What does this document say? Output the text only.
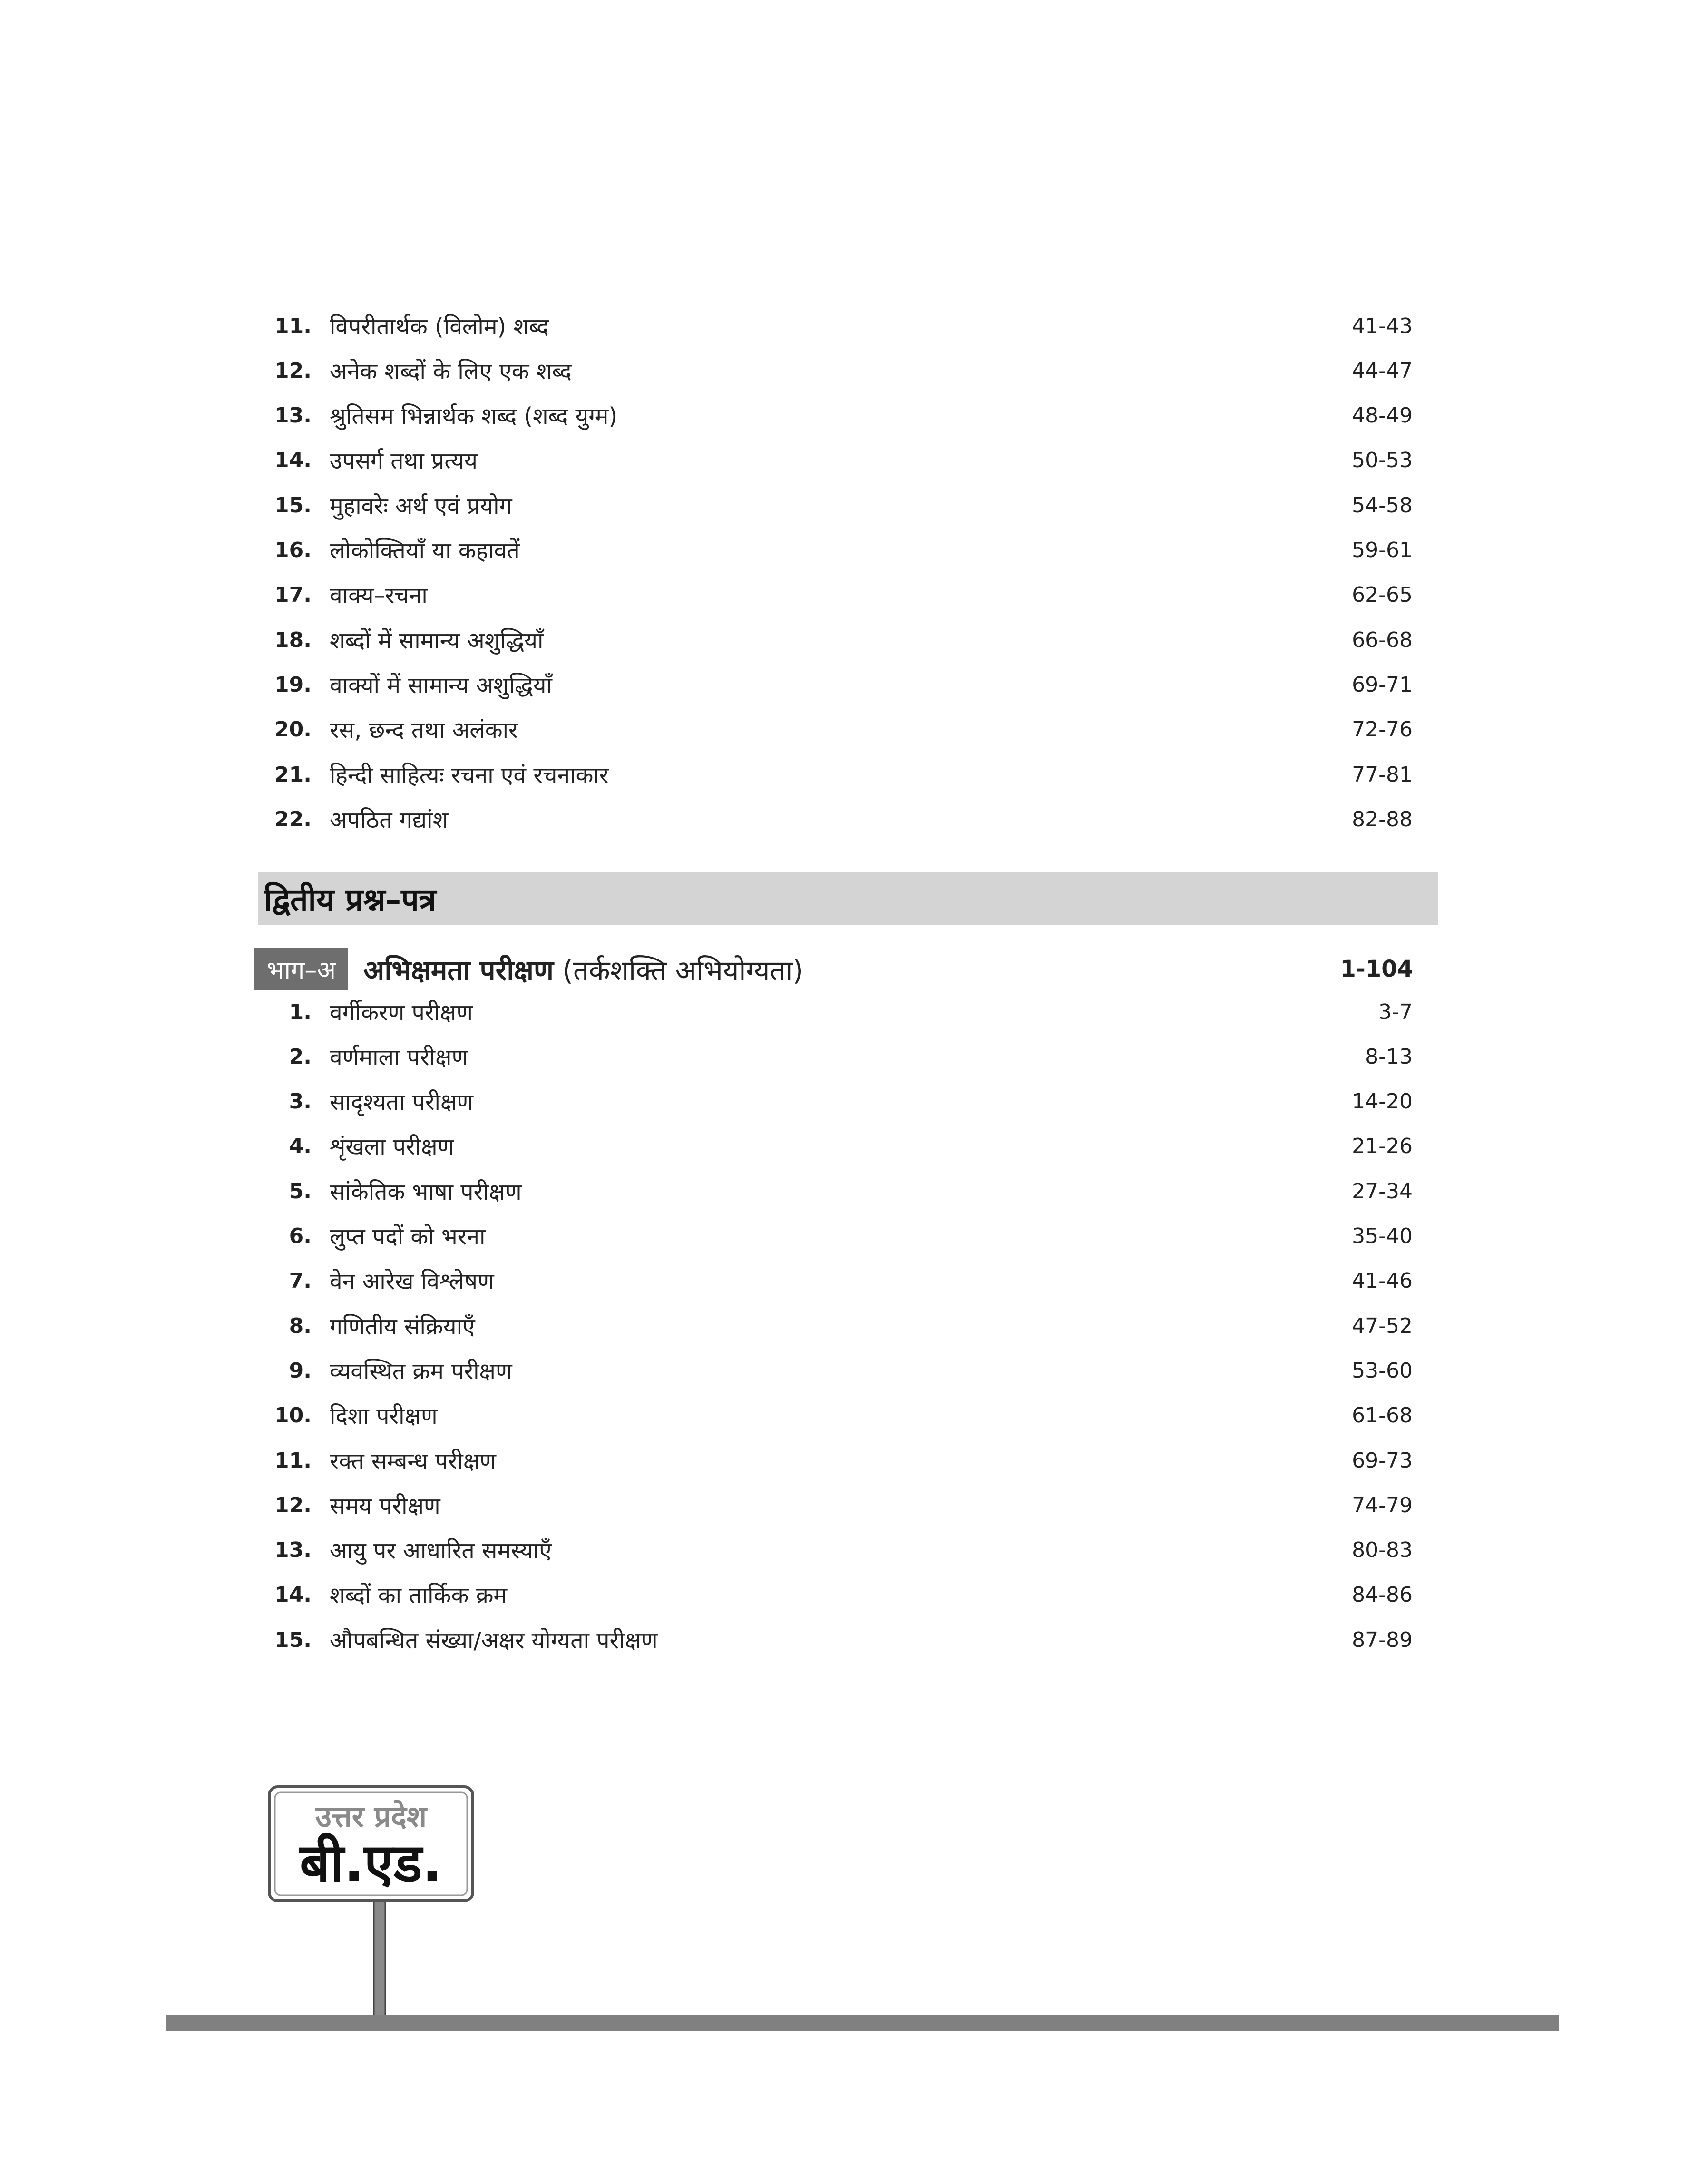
11. विपरीतार्थक (विलोम) शब्द	41-43
12. अनेक शब्दों के लिए एक शब्द	44-47
13. श्रुतिसम भिन्नार्थक शब्द (शब्द युग्म)	48-49
14. उपसर्ग तथा प्रत्यय	50-53
15. मुहावरेः अर्थ एवं प्रयोग	54-58
16. लोकोक्तियाँ या कहावतें	59-61
17. वाक्य–रचना	62-65
18. शब्दों में सामान्य अशुद्धियाँ	66-68
19. वाक्यों में सामान्य अशुद्धियाँ	69-71
20. रस, छन्द तथा अलंकार	72-76
21. हिन्दी साहित्यः रचना एवं रचनाकार	77-81
22. अपठित गद्यांश	82-88
द्वितीय प्रश्न–पत्र
भाग–अ	अभिक्षमता परीक्षण (तर्कशक्ति अभियोग्यता)	1-104
1. वर्गीकरण परीक्षण	3-7
2. वर्णमाला परीक्षण	8-13
3. सादृश्यता परीक्षण	14-20
4. शृंखला परीक्षण	21-26
5. सांकेतिक भाषा परीक्षण	27-34
6. लुप्त पदों को भरना	35-40
7. वेन आरेख विश्लेषण	41-46
8. गणितीय संक्रियाएँ	47-52
9. व्यवस्थित क्रम परीक्षण	53-60
10. दिशा परीक्षण	61-68
11. रक्त सम्बन्ध परीक्षण	69-73
12. समय परीक्षण	74-79
13. आयु पर आधारित समस्याएँ	80-83
14. शब्दों का तार्किक क्रम	84-86
15. औपबन्धित संख्या/अक्षर योग्यता परीक्षण	87-89
उत्तर प्रदेश
बी.एड.
